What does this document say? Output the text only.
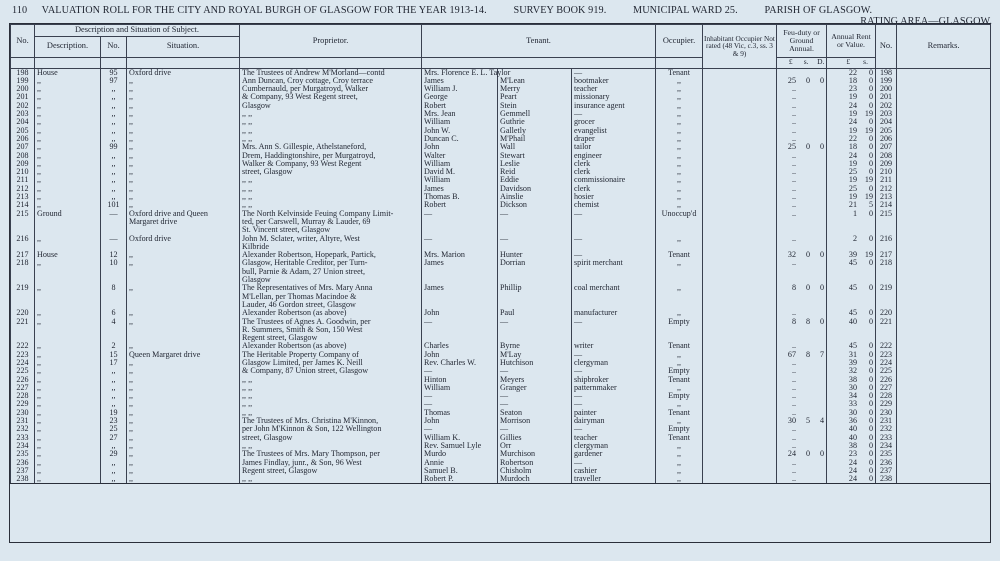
110 VALUATION ROLL FOR THE CITY AND ROYAL BURGH OF GLASGOW FOR THE YEAR 1913-14.	SURVEY BOOK 919.	MUNICIPAL WARD 25.	PARISH OF GLASGOW.
RATING AREA—GLASGOW.
No.	Description and Situation of Subject.			Proprietor.	Tenant.			Occupier.	Inhabitant Occupier Not rated (48 Vic, c.3, ss. 3 & 9)	Feu-duty or Ground Annual.	Annual Rent or Value.	No.	Remarks.
	Description.	No.	Situation.										
										£ s. D.	£ s.		
198	House	95	Oxford drive	The Trustees of Andrew M'Morland—contd	Mrs. Florence E. L. Taylor		—	Tenant			22 0	198	
199	,,	97	,,	Ann Duncan, Croy cottage, Croy terrace	James	M'Lean	bootmaker	,,		25 0 0	18 0	199	
200	,,	,,	,,	Cumbernauld, per Murgatroyd, Walker	William J.	Merry	teacher	,,		..	23 0	200	
201	,,	,,	,,	& Company, 93 West Regent street,	George	Peart	missionary	,,		..	19 0	201	
202	,,	,,	,,	Glasgow	Robert	Stein	insurance agent	,,		..	24 0	202	
203	,,	,,	,,	,, ,,	Mrs. Jean	Gemmell	—	,,		..	19 19	203	
204	,,	,,	,,	,, ,,	William	Guthrie	grocer	,,		..	24 0	204	
205	,,	,,	,,	,, ,,	John W.	Galletly	evangelist	,,		..	19 19	205	
206	,,	,,	,,	,, ,,	Duncan C.	M'Phail	draper	,,		..	22 0	206	
207	,,	99	,,	Mrs. Ann S. Gillespie, Athelstaneford,	John	Wall	tailor	,,		25 0 0	18 0	207	
208	,,	,,	,,	Drem, Haddingtonshire, per Murgatroyd,	Walter	Stewart	engineer	,,		..	24 0	208	
209	,,	,,	,,	Walker & Company, 93 West Regent	William	Leslie	clerk	,,		..	19 0	209	
210	,,	,,	,,	street, Glasgow	David M.	Reid	clerk	,,		..	25 0	210	
211	,,	,,	,,	,, ,,	William	Eddie	commissionaire	,,		..	19 19	211	
212	,,	,,	,,	,, ,,	James	Davidson	clerk	,,		..	25 0	212	
213	,,	,,	,,	,, ,,	Thomas B.	Ainslie	hosier	,,		..	19 19	213	
214	,,	101	,,	,, ,,	Robert	Dickson	chemist	,,		..	21 5	214	
215	Ground	—	Oxford drive and Queen	The North Kelvinside Feuing Company Limit-	—	—	—	Unoccup'd		..	1 0	215	
			Margaret drive	ted, per Carswell, Murray & Lauder, 69									
				St. Vincent street, Glasgow									
216	,,	—	Oxford drive	John M. Sclater, writer, Altyre, West	—	—	—	,,		..	2 0	216	
				Kilbride									
217	House	12	,,	Alexander Robertson, Hopepark, Partick,	Mrs. Marion	Hunter	—	Tenant		32 0 0	39 19	217	
218	,,	10	,,	Glasgow, Heritable Creditor, per Turn-	James	Dorrian	spirit merchant	,,		..	45 0	218	
				bull, Parnie & Adam, 27 Union street,									
				Glasgow									
219	,,	8	,,	The Representatives of Mrs. Mary Anna	James	Phillip	coal merchant	,,		8 0 0	45 0	219	
				M'Lellan, per Thomas Macindoe &									
				Lauder, 46 Gordon street, Glasgow									
220	,,	6	,,	Alexander Robertson (as above)	John	Paul	manufacturer	,,		..	45 0	220	
221	,,	4	,,	The Trustees of Agnes A. Goodwin, per	—	—	—	Empty		8 8 0	40 0	221	
				R. Summers, Smith & Son, 150 West									
				Regent street, Glasgow									
222	,,	2	,,	Alexander Robertson (as above)	Charles	Byrne	writer	Tenant		..	45 0	222	
223	,,	15	Queen Margaret drive	The Heritable Property Company of	John	M'Lay	—	,,		67 8 7	31 0	223	
224	,,	17	,,	Glasgow Limited, per James K. Neill	Rev. Charles W.	Hutchison	clergyman	,,		..	39 0	224	
225	,,	,,	,,	& Company, 87 Union street, Glasgow	—	—	—	Empty		..	32 0	225	
226	,,	,,	,,	,, ,,	Hinton	Meyers	shipbroker	Tenant		..	38 0	226	
227	,,	,,	,,	,, ,,	William	Granger	patternmaker	,,		..	30 0	227	
228	,,	,,	,,	,, ,,	—	—	—	Empty		..	34 0	228	
229	,,	,,	,,	,, ,,	—	—	—	,,		..	33 0	229	
230	,,	19	,,	,, ,,	Thomas	Seaton	painter	Tenant		..	30 0	230	
231	,,	23	,,	The Trustees of Mrs. Christina M'Kinnon,	John	Morrison	dairyman	,,		30 5 4	36 0	231	
232	,,	25	,,	per John M'Kinnon & Son, 122 Wellington	—	—	—	Empty		..	40 0	232	
233	,,	27	,,	street, Glasgow	William K.	Gillies	teacher	Tenant		..	40 0	233	
234	,,	,,	,,	,, ,,	Rev. Samuel Lyle	Orr	clergyman	,,		..	38 0	234	
235	,,	29	,,	The Trustees of Mrs. Mary Thompson, per	Murdo	Murchison	gardener	,,		24 0 0	23 0	235	
236	,,	,,	,,	James Findlay, junr., & Son, 96 West	Annie	Robertson	—	,,		..	24 0	236	
237	,,	,,	,,	Regent street, Glasgow	Samuel B.	Chisholm	cashier	,,		..	24 0	237	
238	,,	,,	,,	,, ,,	Robert P.	Murdoch	traveller	,,		..	24 0	238	
